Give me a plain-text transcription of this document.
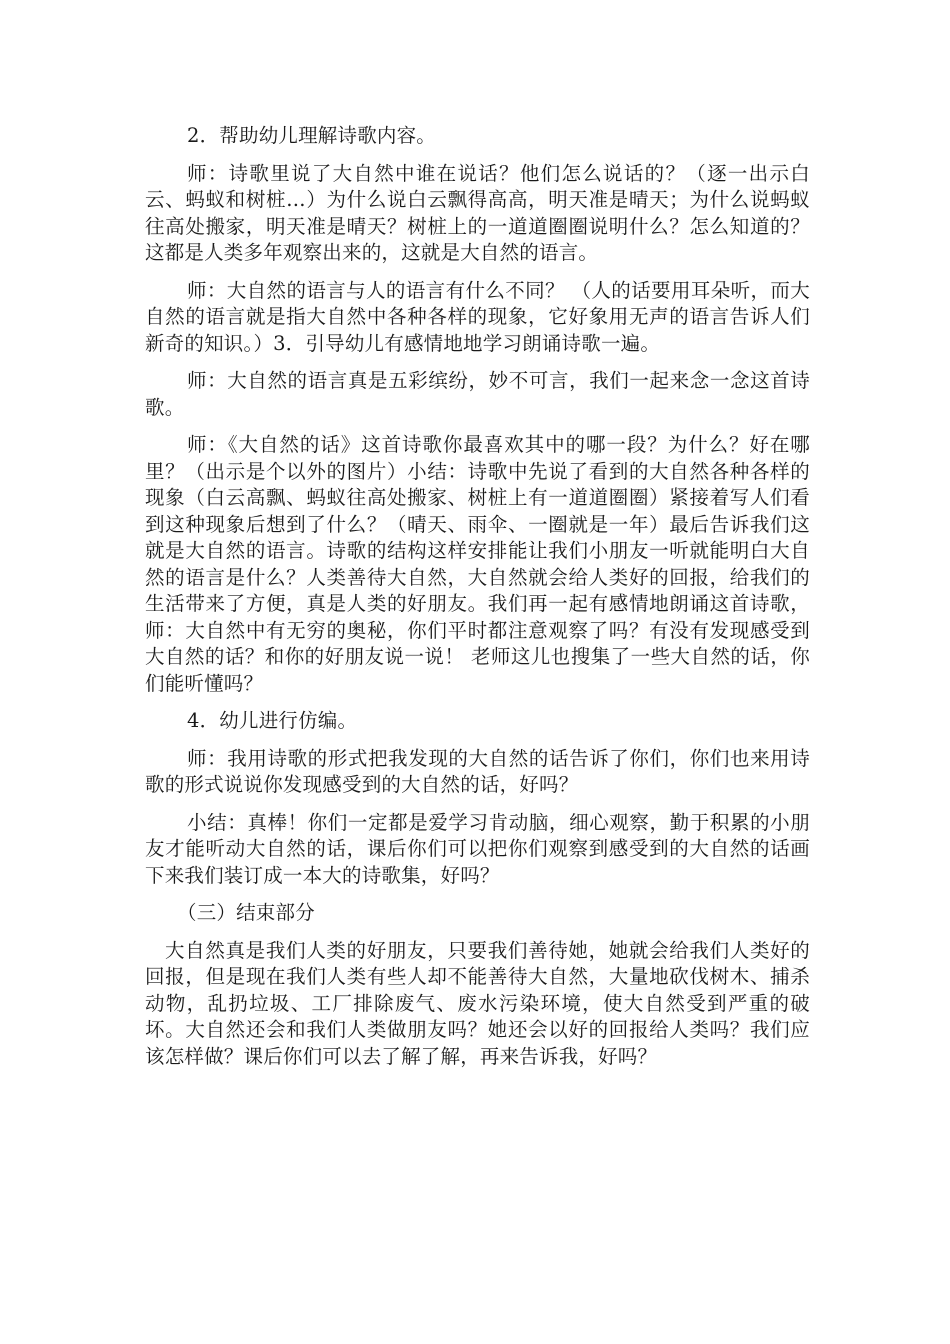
2．帮助幼儿理解诗歌内容。

师：诗歌里说了大自然中谁在说话？他们怎么说话的？（逐一出示白云、蚂蚁和树桩…）为什么说白云飘得高高，明天准是晴天；为什么说蚂蚁往高处搬家，明天准是晴天？树桩上的一道道圈圈说明什么？怎么知道的？这都是人类多年观察出来的，这就是大自然的语言。

师：大自然的语言与人的语言有什么不同？ （人的话要用耳朵听，而大自然的语言就是指大自然中各种各样的现象，它好象用无声的语言告诉人们新奇的知识。）3．引导幼儿有感情地地学习朗诵诗歌一遍。

师：大自然的语言真是五彩缤纷，妙不可言，我们一起来念一念这首诗歌。

师：《大自然的话》这首诗歌你最喜欢其中的哪一段？为什么？好在哪里？（出示是个以外的图片）小结：诗歌中先说了看到的大自然各种各样的现象（白云高飘、蚂蚁往高处搬家、树桩上有一道道圈圈）紧接着写人们看到这种现象后想到了什么？（晴天、雨伞、一圈就是一年）最后告诉我们这就是大自然的语言。诗歌的结构这样安排能让我们小朋友一听就能明白大自然的语言是什么？人类善待大自然，大自然就会给人类好的回报，给我们的生活带来了方便，真是人类的好朋友。我们再一起有感情地朗诵这首诗歌，师：大自然中有无穷的奥秘，你们平时都注意观察了吗？有没有发现感受到大自然的话？和你的好朋友说一说！ 老师这儿也搜集了一些大自然的话，你们能听懂吗？

4．幼儿进行仿编。

师：我用诗歌的形式把我发现的大自然的话告诉了你们，你们也来用诗歌的形式说说你发现感受到的大自然的话，好吗？

小结：真棒！你们一定都是爱学习肯动脑，细心观察，勤于积累的小朋友才能听动大自然的话，课后你们可以把你们观察到感受到的大自然的话画下来我们装订成一本大的诗歌集，好吗？

（三）结束部分

大自然真是我们人类的好朋友，只要我们善待她，她就会给我们人类好的回报，但是现在我们人类有些人却不能善待大自然，大量地砍伐树木、捕杀动物，乱扔垃圾、工厂排除废气、废水污染环境，使大自然受到严重的破坏。大自然还会和我们人类做朋友吗？她还会以好的回报给人类吗？我们应该怎样做？课后你们可以去了解了解，再来告诉我，好吗？
